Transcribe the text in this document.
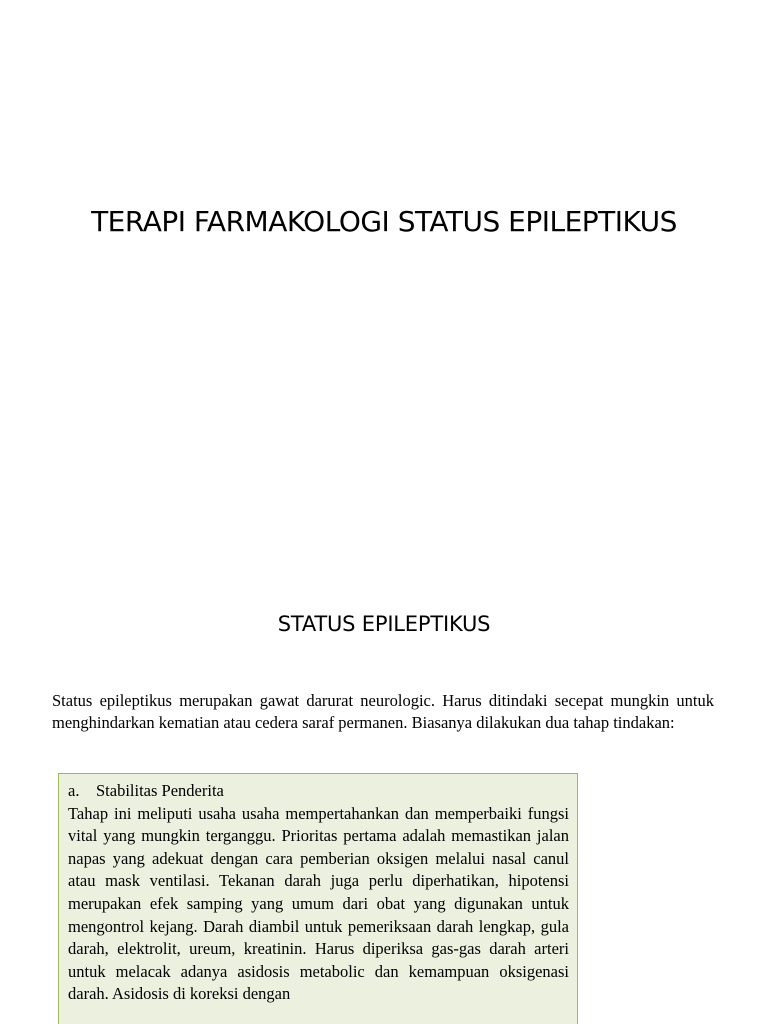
TERAPI FARMAKOLOGI STATUS EPILEPTIKUS
STATUS EPILEPTIKUS

Status epileptikus merupakan gawat darurat neurologic. Harus ditindaki secepat mungkin untuk menghindarkan kematian atau cedera saraf permanen. Biasanya dilakukan dua tahap tindakan:

a.	Stabilitas Penderita

Tahap ini meliputi usaha usaha mempertahankan dan memperbaiki fungsi vital yang mungkin terganggu. Prioritas pertama adalah memastikan jalan napas yang adekuat dengan cara pemberian oksigen melalui nasal canul atau mask ventilasi. Tekanan darah juga perlu diperhatikan, hipotensi merupakan efek samping yang umum dari obat yang digunakan untuk mengontrol kejang. Darah diambil untuk pemeriksaan darah lengkap, gula darah, elektrolit, ureum, kreatinin. Harus diperiksa gas-gas darah arteri untuk melacak adanya asidosis metabolic dan kemampuan oksigenasi darah. Asidosis di koreksi dengan
